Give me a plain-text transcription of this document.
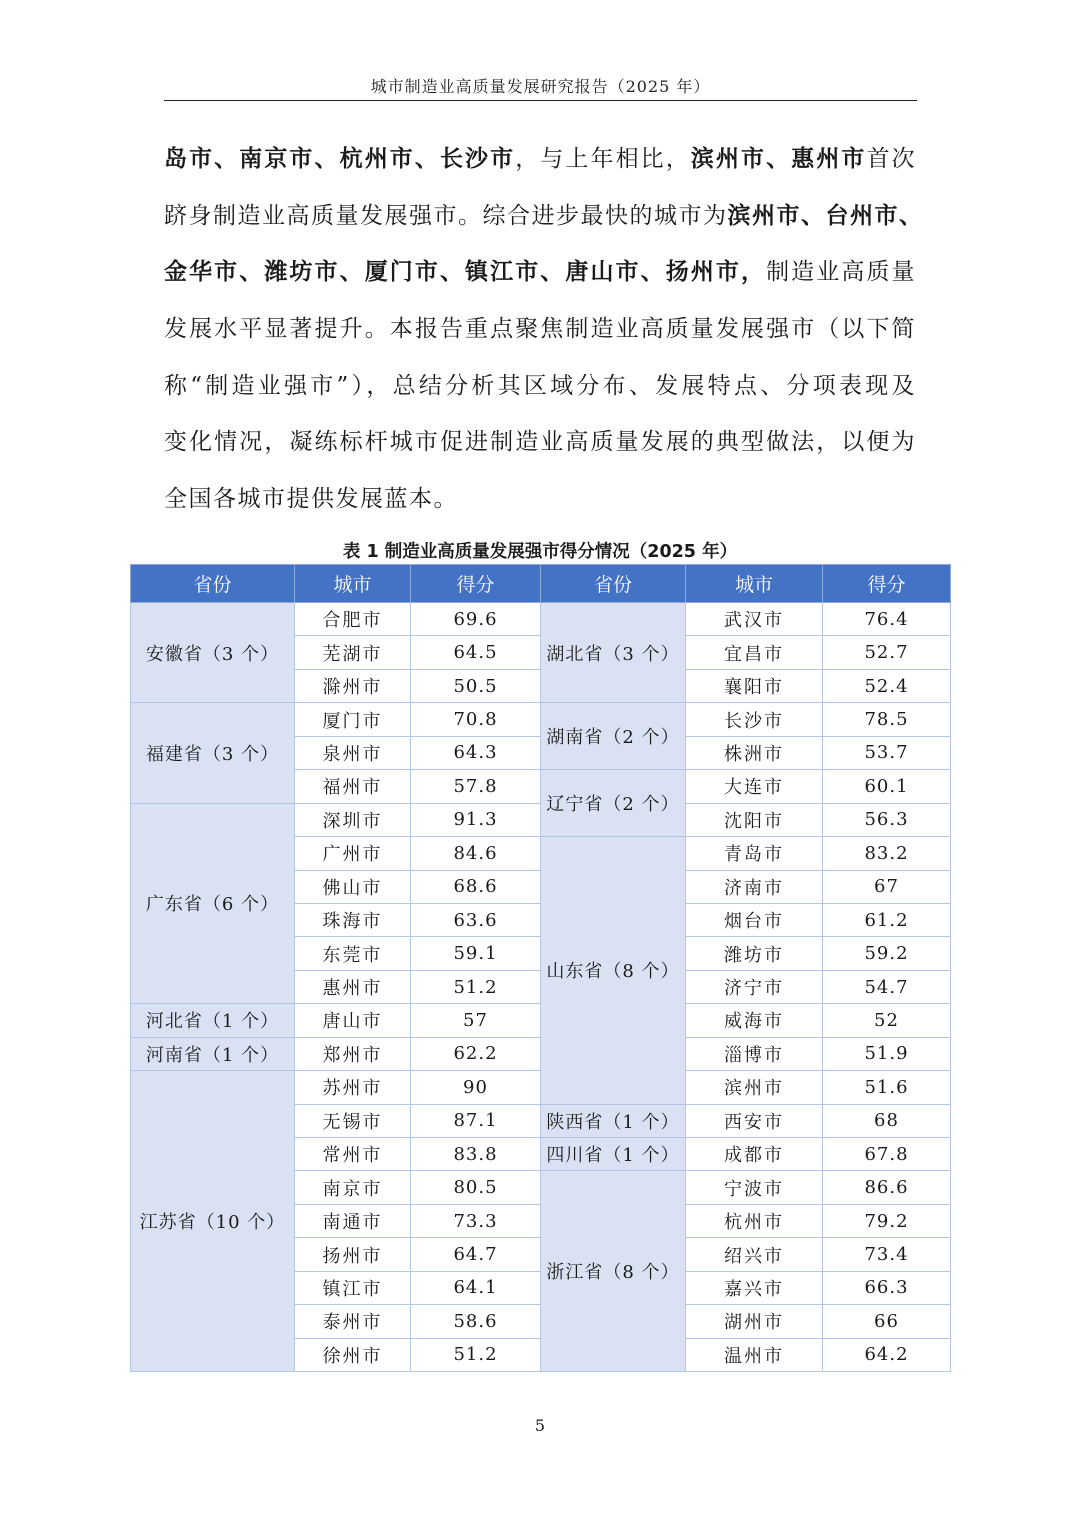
城市制造业高质量发展研究报告（2025 年）
岛市、南京市、杭州市、长沙市，与上年相比，滨州市、惠州市首次
跻身制造业高质量发展强市。综合进步最快的城市为滨州市、台州市、
金华市、潍坊市、厦门市、镇江市、唐山市、扬州市，制造业高质量
发展水平显著提升。本报告重点聚焦制造业高质量发展强市（以下简
称“制造业强市”），总结分析其区域分布、发展特点、分项表现及
变化情况，凝练标杆城市促进制造业高质量发展的典型做法，以便为
全国各城市提供发展蓝本。
表 1 制造业高质量发展强市得分情况（2025 年）
省份	城市	得分	省份	城市	得分
安徽省（3 个）	合肥市	69.6	湖北省（3 个）	武汉市	76.4
	芜湖市	64.5		宜昌市	52.7
	滁州市	50.5		襄阳市	52.4
福建省（3 个）	厦门市	70.8	湖南省（2 个）	长沙市	78.5
	泉州市	64.3		株洲市	53.7
	福州市	57.8	辽宁省（2 个）	大连市	60.1
广东省（6 个）	深圳市	91.3		沈阳市	56.3
	广州市	84.6	山东省（8 个）	青岛市	83.2
	佛山市	68.6		济南市	67
	珠海市	63.6		烟台市	61.2
	东莞市	59.1		潍坊市	59.2
	惠州市	51.2		济宁市	54.7
河北省（1 个）	唐山市	57		威海市	52
河南省（1 个）	郑州市	62.2		淄博市	51.9
江苏省（10 个）	苏州市	90		滨州市	51.6
	无锡市	87.1	陕西省（1 个）	西安市	68
	常州市	83.8	四川省（1 个）	成都市	67.8
	南京市	80.5	浙江省（8 个）	宁波市	86.6
	南通市	73.3		杭州市	79.2
	扬州市	64.7		绍兴市	73.4
	镇江市	64.1		嘉兴市	66.3
	泰州市	58.6		湖州市	66
	徐州市	51.2		温州市	64.2
5
